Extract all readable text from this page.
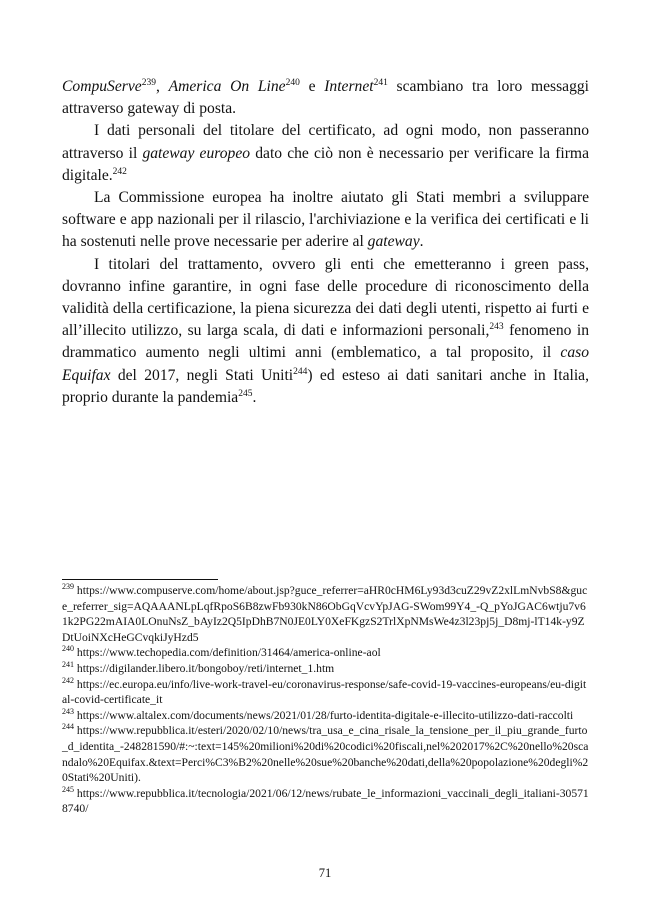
CompuServe$^{239}$, America On Line$^{240}$ e Internet$^{241}$ scambiano tra loro messaggi attraverso gateway di posta.

I dati personali del titolare del certificato, ad ogni modo, non passeranno attraverso il gateway europeo dato che ciò non è necessario per verificare la firma digitale.$^{242}$

La Commissione europea ha inoltre aiutato gli Stati membri a sviluppare software e app nazionali per il rilascio, l'archiviazione e la verifica dei certificati e li ha sostenuti nelle prove necessarie per aderire al gateway.

I titolari del trattamento, ovvero gli enti che emetteranno i green pass, dovranno infine garantire, in ogni fase delle procedure di riconoscimento della validità della certificazione, la piena sicurezza dei dati degli utenti, rispetto ai furti e all’illecito utilizzo, su larga scala, di dati e informazioni personali,$^{243}$ fenomeno in drammatico aumento negli ultimi anni (emblematico, a tal proposito, il caso Equifax del 2017, negli Stati Uniti$^{244}$) ed esteso ai dati sanitari anche in Italia, proprio durante la pandemia$^{245}$.

$^{239}$ https://www.compuserve.com/home/about.jsp?guce_referrer=aHR0cHM6Ly93d3cuZ29vZ2xlLmNvbS8&guce_referrer_sig=AQAAANLpLqfRpoS6B8zwFb930kN86ObGqVcvYpJAG-SWom99Y4_-Q_pYoJGAC6wtju7v61k2PG22mAIA0LOnuNsZ_bAyIz2Q5IpDhB7N0JE0LY0XeFKgzS2TrlXpNMsWe4z3l23pj5j_D8mj-lT14k-y9ZDtUoiNXcHeGCvqkiJyHzd5

$^{240}$ https://www.techopedia.com/definition/31464/america-online-aol

$^{241}$ https://digilander.libero.it/bongoboy/reti/internet_1.htm

$^{242}$ https://ec.europa.eu/info/live-work-travel-eu/coronavirus-response/safe-covid-19-vaccines-europeans/eu-digital-covid-certificate_it

$^{243}$ https://www.altalex.com/documents/news/2021/01/28/furto-identita-digitale-e-illecito-utilizzo-dati-raccolti

$^{244}$ https://www.repubblica.it/esteri/2020/02/10/news/tra_usa_e_cina_risale_la_tensione_per_il_piu_grande_furto_d_identita_-248281590/#:~:text=145%20milioni%20di%20codici%20fiscali,nel%202017%2C%20nello%20scandalo%20Equifax.&text=Perci%C3%B2%20nelle%20sue%20banche%20dati,della%20popolazione%20degli%20Stati%20Uniti).

$^{245}$ https://www.repubblica.it/tecnologia/2021/06/12/news/rubate_le_informazioni_vaccinali_degli_italiani-305718740/

71
